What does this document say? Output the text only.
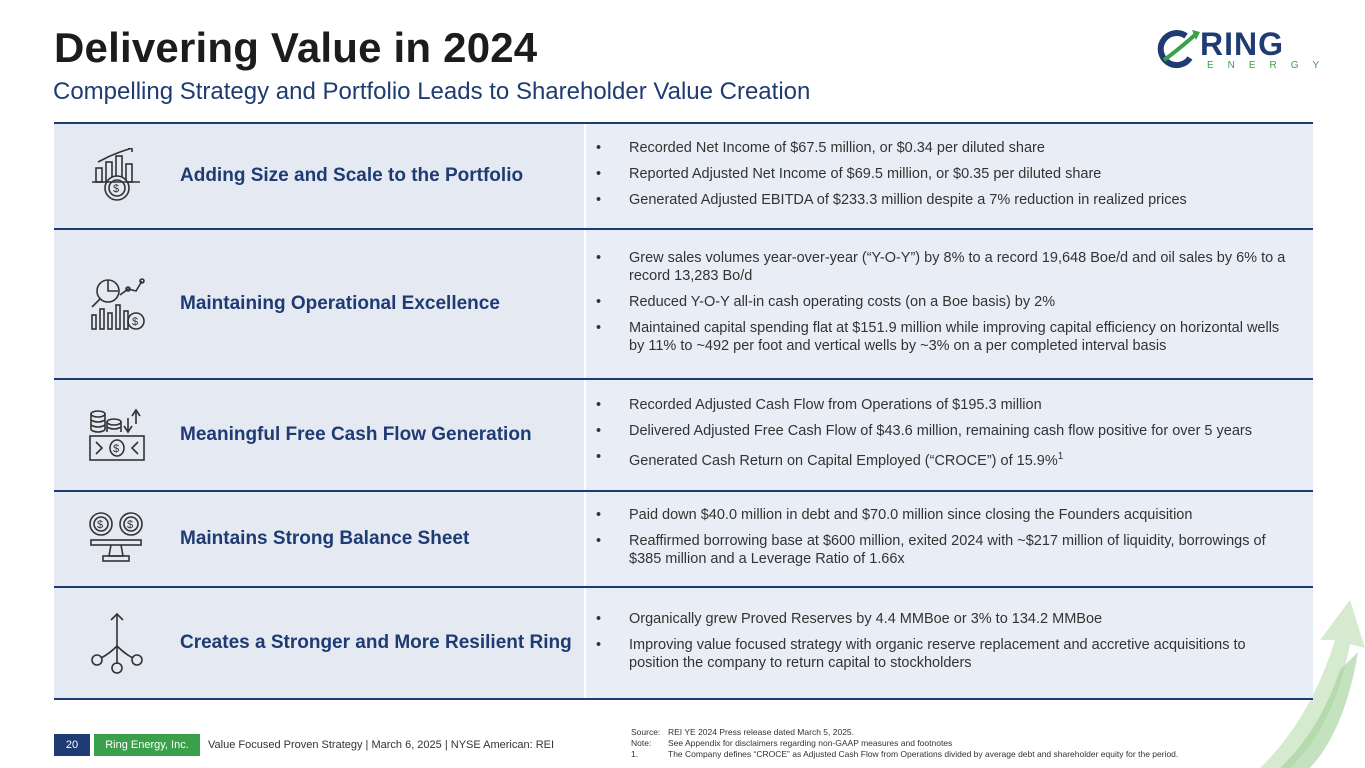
Delivering Value in 2024
Compelling Strategy and Portfolio Leads to Shareholder Value Creation
RING
ENERGY
$
Adding Size and Scale to the Portfolio
• Recorded Net Income of $67.5 million, or $0.34 per diluted share
• Reported Adjusted Net Income of $69.5 million, or $0.35 per diluted share
• Generated Adjusted EBITDA of $233.3 million despite a 7% reduction in realized prices
$
Maintaining Operational Excellence
• Grew sales volumes year-over-year (“Y-O-Y”) by 8% to a record 19,648 Boe/d and oil sales by 6% to a record 13,283 Bo/d
• Reduced Y-O-Y all-in cash operating costs (on a Boe basis) by 2%
• Maintained capital spending flat at $151.9 million while improving capital efficiency on horizontal wells by 11% to ~492 per foot and vertical wells by ~3% on a per completed interval basis
$
Meaningful Free Cash Flow Generation
• Recorded Adjusted Cash Flow from Operations of $195.3 million
• Delivered Adjusted Free Cash Flow of $43.6 million, remaining cash flow positive for over 5 years
• Generated Cash Return on Capital Employed (“CROCE”) of 15.9%$^1$
$ $
Maintains Strong Balance Sheet
• Paid down $40.0 million in debt and $70.0 million since closing the Founders acquisition
• Reaffirmed borrowing base at $600 million, exited 2024 with ~$217 million of liquidity, borrowings of $385 million and a Leverage Ratio of 1.66x
Creates a Stronger and More Resilient Ring
• Organically grew Proved Reserves by 4.4 MMBoe or 3% to 134.2 MMBoe
• Improving value focused strategy with organic reserve replacement and accretive acquisitions to position the company to return capital to stockholders
20	Ring Energy, Inc.	Value Focused Proven Strategy | March 6, 2025 | NYSE American: REI
Source: REI YE 2024 Press release dated March 5, 2025.
Note:	See Appendix for disclaimers regarding non-GAAP measures and footnotes
1.	The Company defines “CROCE” as Adjusted Cash Flow from Operations divided by average debt and shareholder equity for the period.
